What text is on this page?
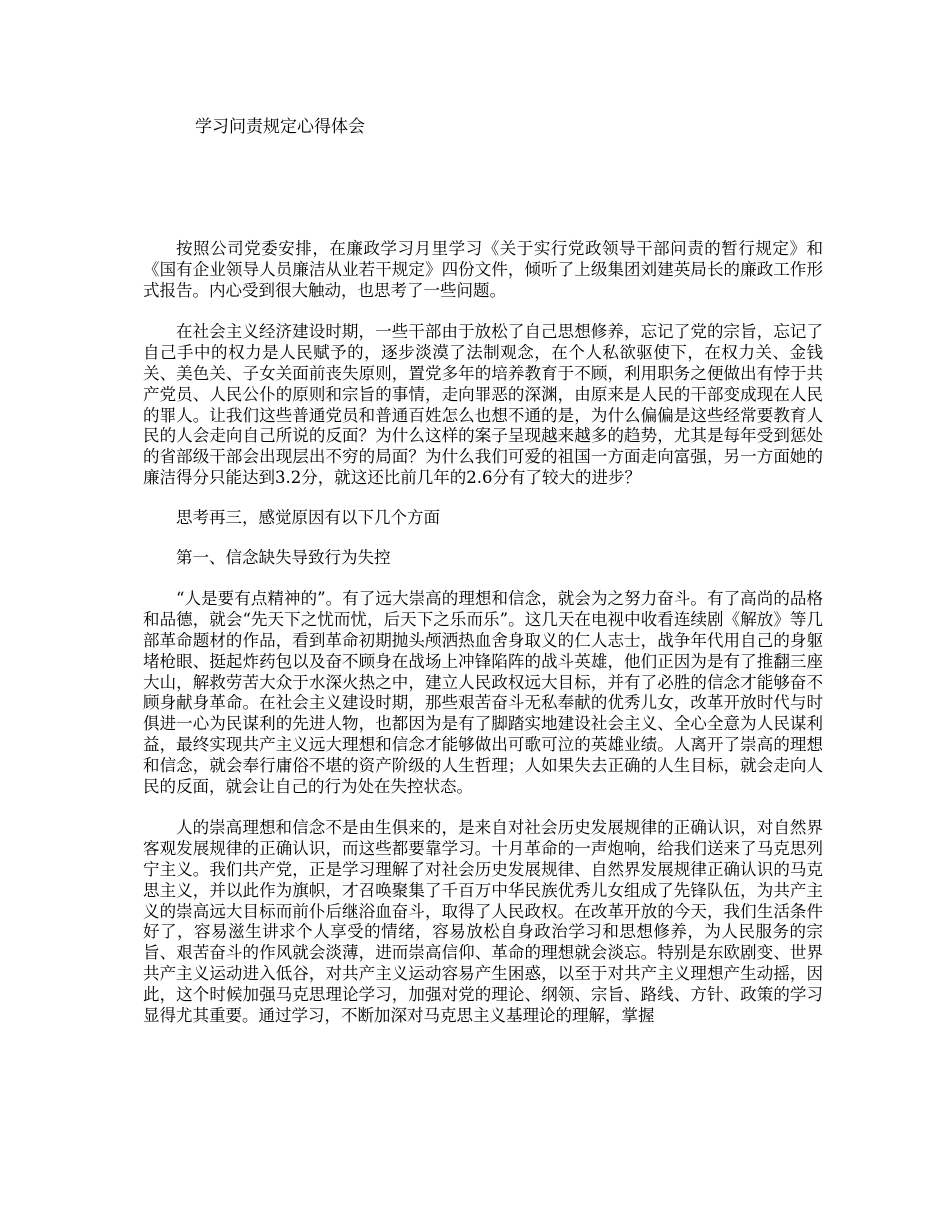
学习问责规定心得体会

按照公司党委安排，在廉政学习月里学习《关于实行党政领导干部问责的暂行规定》和《国有企业领导人员廉洁从业若干规定》四份文件，倾听了上级集团刘建英局长的廉政工作形式报告。内心受到很大触动，也思考了一些问题。

在社会主义经济建设时期，一些干部由于放松了自己思想修养，忘记了党的宗旨，忘记了自己手中的权力是人民赋予的，逐步淡漠了法制观念，在个人私欲驱使下，在权力关、金钱关、美色关、子女关面前丧失原则，置党多年的培养教育于不顾，利用职务之便做出有悖于共产党员、人民公仆的原则和宗旨的事情，走向罪恶的深渊，由原来是人民的干部变成现在人民的罪人。让我们这些普通党员和普通百姓怎么也想不通的是，为什么偏偏是这些经常要教育人民的人会走向自己所说的反面？为什么这样的案子呈现越来越多的趋势，尤其是每年受到惩处的省部级干部会出现层出不穷的局面？为什么我们可爱的祖国一方面走向富强，另一方面她的廉洁得分只能达到3.2分，就这还比前几年的2.6分有了较大的进步？

思考再三，感觉原因有以下几个方面

第一、信念缺失导致行为失控

“人是要有点精神的”。有了远大崇高的理想和信念，就会为之努力奋斗。有了高尚的品格和品德，就会“先天下之忧而忧，后天下之乐而乐”。这几天在电视中收看连续剧《解放》等几部革命题材的作品，看到革命初期抛头颅洒热血舍身取义的仁人志士，战争年代用自己的身躯堵枪眼、挺起炸药包以及奋不顾身在战场上冲锋陷阵的战斗英雄，他们正因为是有了推翻三座大山，解救劳苦大众于水深火热之中，建立人民政权远大目标，并有了必胜的信念才能够奋不顾身献身革命。在社会主义建设时期，那些艰苦奋斗无私奉献的优秀儿女，改革开放时代与时俱进一心为民谋利的先进人物，也都因为是有了脚踏实地建设社会主义、全心全意为人民谋利益，最终实现共产主义远大理想和信念才能够做出可歌可泣的英雄业绩。人离开了崇高的理想和信念，就会奉行庸俗不堪的资产阶级的人生哲理；人如果失去正确的人生目标，就会走向人民的反面，就会让自己的行为处在失控状态。

人的崇高理想和信念不是由生俱来的，是来自对社会历史发展规律的正确认识，对自然界客观发展规律的正确认识，而这些都要靠学习。十月革命的一声炮响，给我们送来了马克思列宁主义。我们共产党，正是学习理解了对社会历史发展规律、自然界发展规律正确认识的马克思主义，并以此作为旗帜，才召唤聚集了千百万中华民族优秀儿女组成了先锋队伍，为共产主义的崇高远大目标而前仆后继浴血奋斗，取得了人民政权。在改革开放的今天，我们生活条件好了，容易滋生讲求个人享受的情绪，容易放松自身政治学习和思想修养，为人民服务的宗旨、艰苦奋斗的作风就会淡薄，进而崇高信仰、革命的理想就会淡忘。特别是东欧剧变、世界共产主义运动进入低谷，对共产主义运动容易产生困惑，以至于对共产主义理想产生动摇，因此，这个时候加强马克思理论学习，加强对党的理论、纲领、宗旨、路线、方针、政策的学习显得尤其重要。通过学习，不断加深对马克思主义基理论的理解，掌握
